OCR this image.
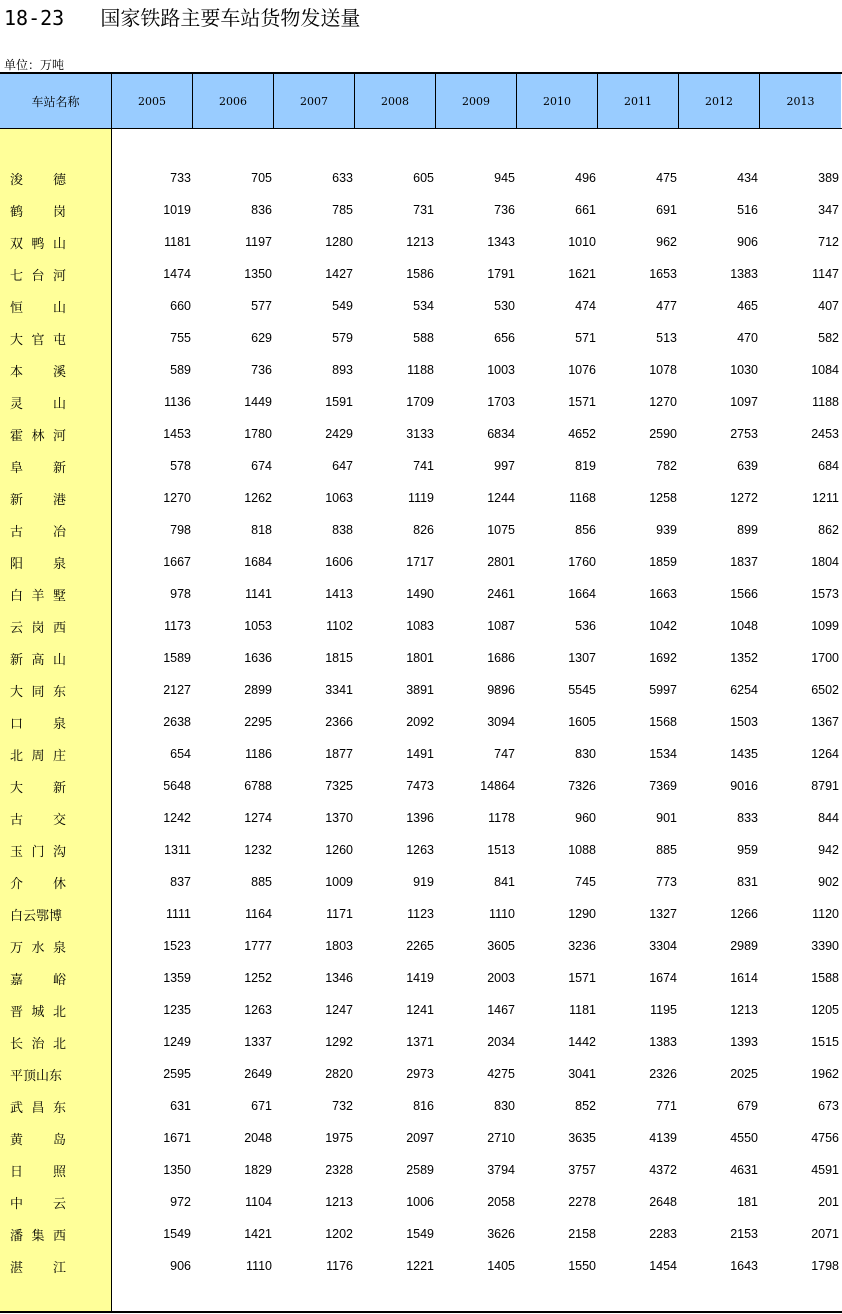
18-23   国家铁路主要车站货物发送量
单位：万吨
车站名称	2005	2006	2007	2008	2009	2010	2011	2012	2013
浚 德	733	705	633	605	945	496	475	434	389
鹤 岗	1019	836	785	731	736	661	691	516	347
双 鸭 山	1181	1197	1280	1213	1343	1010	962	906	712
七 台 河	1474	1350	1427	1586	1791	1621	1653	1383	1147
恒 山	660	577	549	534	530	474	477	465	407
大 官 屯	755	629	579	588	656	571	513	470	582
本 溪	589	736	893	1188	1003	1076	1078	1030	1084
灵 山	1136	1449	1591	1709	1703	1571	1270	1097	1188
霍 林 河	1453	1780	2429	3133	6834	4652	2590	2753	2453
阜 新	578	674	647	741	997	819	782	639	684
新 港	1270	1262	1063	1119	1244	1168	1258	1272	1211
古 冶	798	818	838	826	1075	856	939	899	862
阳 泉	1667	1684	1606	1717	2801	1760	1859	1837	1804
白 羊 墅	978	1141	1413	1490	2461	1664	1663	1566	1573
云 岗 西	1173	1053	1102	1083	1087	536	1042	1048	1099
新 高 山	1589	1636	1815	1801	1686	1307	1692	1352	1700
大 同 东	2127	2899	3341	3891	9896	5545	5997	6254	6502
口 泉	2638	2295	2366	2092	3094	1605	1568	1503	1367
北 周 庄	654	1186	1877	1491	747	830	1534	1435	1264
大 新	5648	6788	7325	7473	14864	7326	7369	9016	8791
古 交	1242	1274	1370	1396	1178	960	901	833	844
玉 门 沟	1311	1232	1260	1263	1513	1088	885	959	942
介 休	837	885	1009	919	841	745	773	831	902
白云鄂博	1111	1164	1171	1123	1110	1290	1327	1266	1120
万 水 泉	1523	1777	1803	2265	3605	3236	3304	2989	3390
嘉 峪	1359	1252	1346	1419	2003	1571	1674	1614	1588
晋 城 北	1235	1263	1247	1241	1467	1181	1195	1213	1205
长 治 北	1249	1337	1292	1371	2034	1442	1383	1393	1515
平顶山东	2595	2649	2820	2973	4275	3041	2326	2025	1962
武 昌 东	631	671	732	816	830	852	771	679	673
黄 岛	1671	2048	1975	2097	2710	3635	4139	4550	4756
日 照	1350	1829	2328	2589	3794	3757	4372	4631	4591
中 云	972	1104	1213	1006	2058	2278	2648	181	201
潘 集 西	1549	1421	1202	1549	3626	2158	2283	2153	2071
湛 江	906	1110	1176	1221	1405	1550	1454	1643	1798
